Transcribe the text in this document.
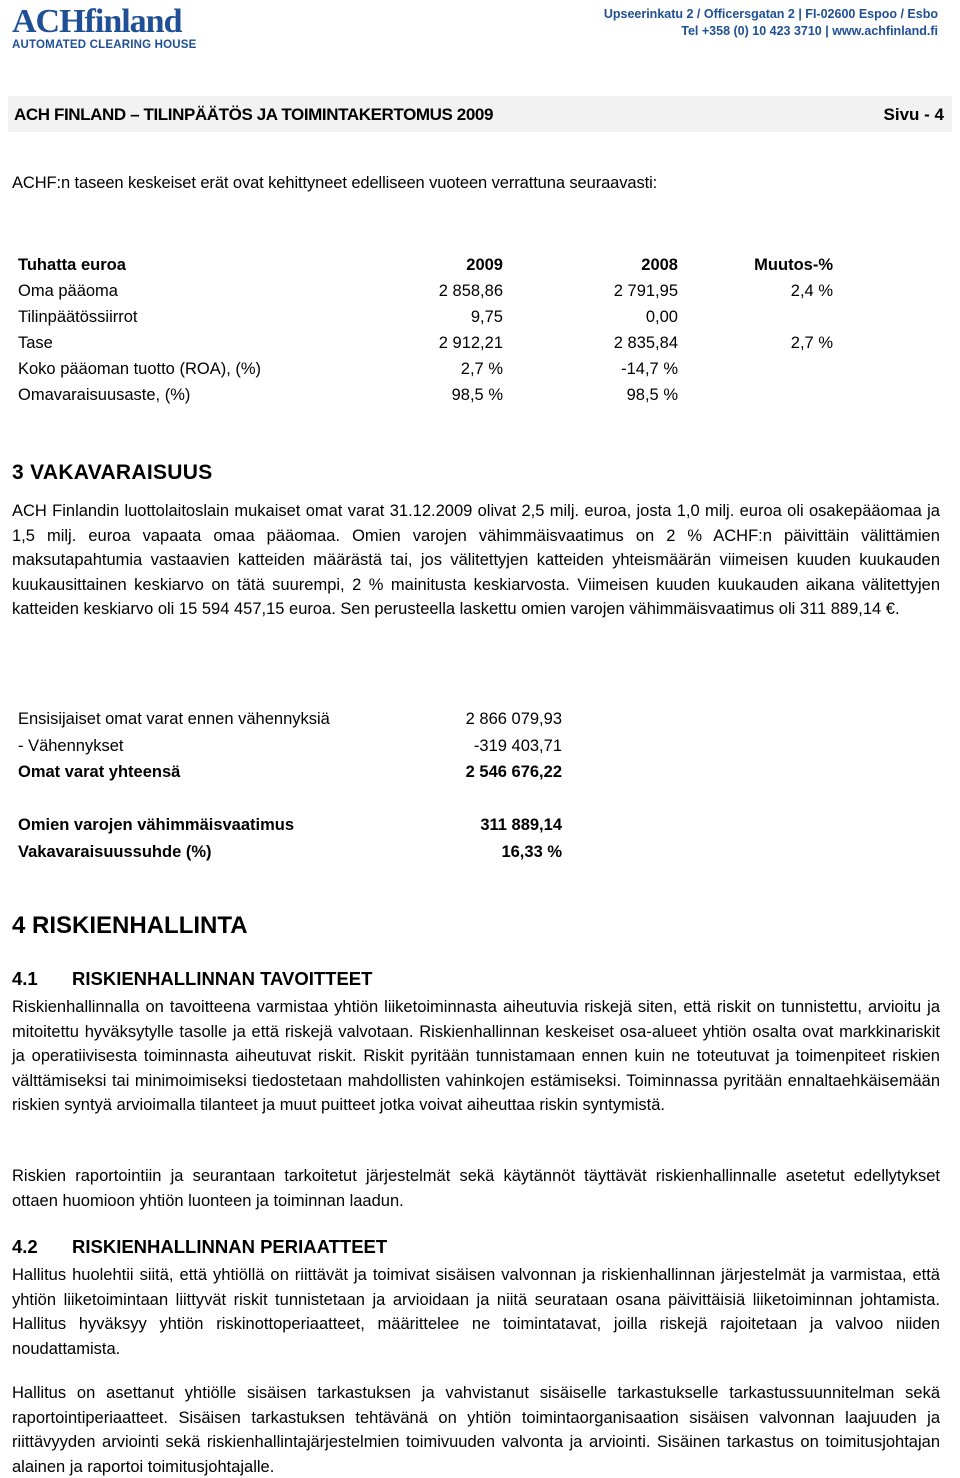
ACHfinland
AUTOMATED CLEARING HOUSE
Upseerinkatu 2 / Officersgatan 2 | FI-02600 Espoo / Esbo
Tel +358 (0) 10 423 3710 | www.achfinland.fi
ACH FINLAND – TILINPÄÄTÖS JA TOIMINTAKERTOMUS 2009	Sivu - 4
ACHF:n taseen keskeiset erät ovat kehittyneet edelliseen vuoteen verrattuna seuraavasti:
Tuhatta euroa	2009	2008	Muutos-%
Oma pääoma	2 858,86	2 791,95	2,4 %
Tilinpäätössiirrot	9,75	0,00
Tase	2 912,21	2 835,84	2,7 %
Koko pääoman tuotto (ROA), (%)	2,7 %	-14,7 %
Omavaraisuusaste, (%)	98,5 %	98,5 %
3 VAKAVARAISUUS
ACH Finlandin luottolaitoslain mukaiset omat varat 31.12.2009 olivat 2,5 milj. euroa, josta 1,0 milj. euroa oli osakepääomaa ja 1,5 milj. euroa vapaata omaa pääomaa. Omien varojen vähimmäisvaatimus on 2 % ACHF:n päivittäin välittämien maksutapahtumia vastaavien katteiden määrästä tai, jos välitettyjen katteiden yhteismäärän viimeisen kuuden kuukauden kuukausittainen keskiarvo on tätä suurempi, 2 % mainitusta keskiarvosta. Viimeisen kuuden kuukauden aikana välitettyjen katteiden keskiarvo oli 15 594 457,15 euroa. Sen perusteella laskettu omien varojen vähimmäisvaatimus oli 311 889,14 €.
Ensisijaiset omat varat ennen vähennyksiä	2 866 079,93
- Vähennykset	-319 403,71
Omat varat yhteensä	2 546 676,22
Omien varojen vähimmäisvaatimus	311 889,14
Vakavaraisuussuhde (%)	16,33 %
4 RISKIENHALLINTA
4.1 RISKIENHALLINNAN TAVOITTEET
Riskienhallinnalla on tavoitteena varmistaa yhtiön liiketoiminnasta aiheutuvia riskejä siten, että riskit on tunnistettu, arvioitu ja mitoitettu hyväksytylle tasolle ja että riskejä valvotaan. Riskienhallinnan keskeiset osa-alueet yhtiön osalta ovat markkinariskit ja operatiivisesta toiminnasta aiheutuvat riskit. Riskit pyritään tunnistamaan ennen kuin ne toteutuvat ja toimenpiteet riskien välttämiseksi tai minimoimiseksi tiedostetaan mahdollisten vahinkojen estämiseksi. Toiminnassa pyritään ennaltaehkäisemään riskien syntyä arvioimalla tilanteet ja muut puitteet jotka voivat aiheuttaa riskin syntymistä.
Riskien raportointiin ja seurantaan tarkoitetut järjestelmät sekä käytännöt täyttävät riskienhallinnalle asetetut edellytykset ottaen huomioon yhtiön luonteen ja toiminnan laadun.
4.2 RISKIENHALLINNAN PERIAATTEET
Hallitus huolehtii siitä, että yhtiöllä on riittävät ja toimivat sisäisen valvonnan ja riskienhallinnan järjestelmät ja varmistaa, että yhtiön liiketoimintaan liittyvät riskit tunnistetaan ja arvioidaan ja niitä seurataan osana päivittäisiä liiketoiminnan johtamista. Hallitus hyväksyy yhtiön riskinottoperiaatteet, määrittelee ne toimintatavat, joilla riskejä rajoitetaan ja valvoo niiden noudattamista.
Hallitus on asettanut yhtiölle sisäisen tarkastuksen ja vahvistanut sisäiselle tarkastukselle tarkastussuunnitelman sekä raportointiperiaatteet. Sisäisen tarkastuksen tehtävänä on yhtiön toimintaorganisaation sisäisen valvonnan laajuuden ja riittävyyden arviointi sekä riskienhallintajärjestelmien toimivuuden valvonta ja arviointi. Sisäinen tarkastus on toimitusjohtajan alainen ja raportoi toimitusjohtajalle.
